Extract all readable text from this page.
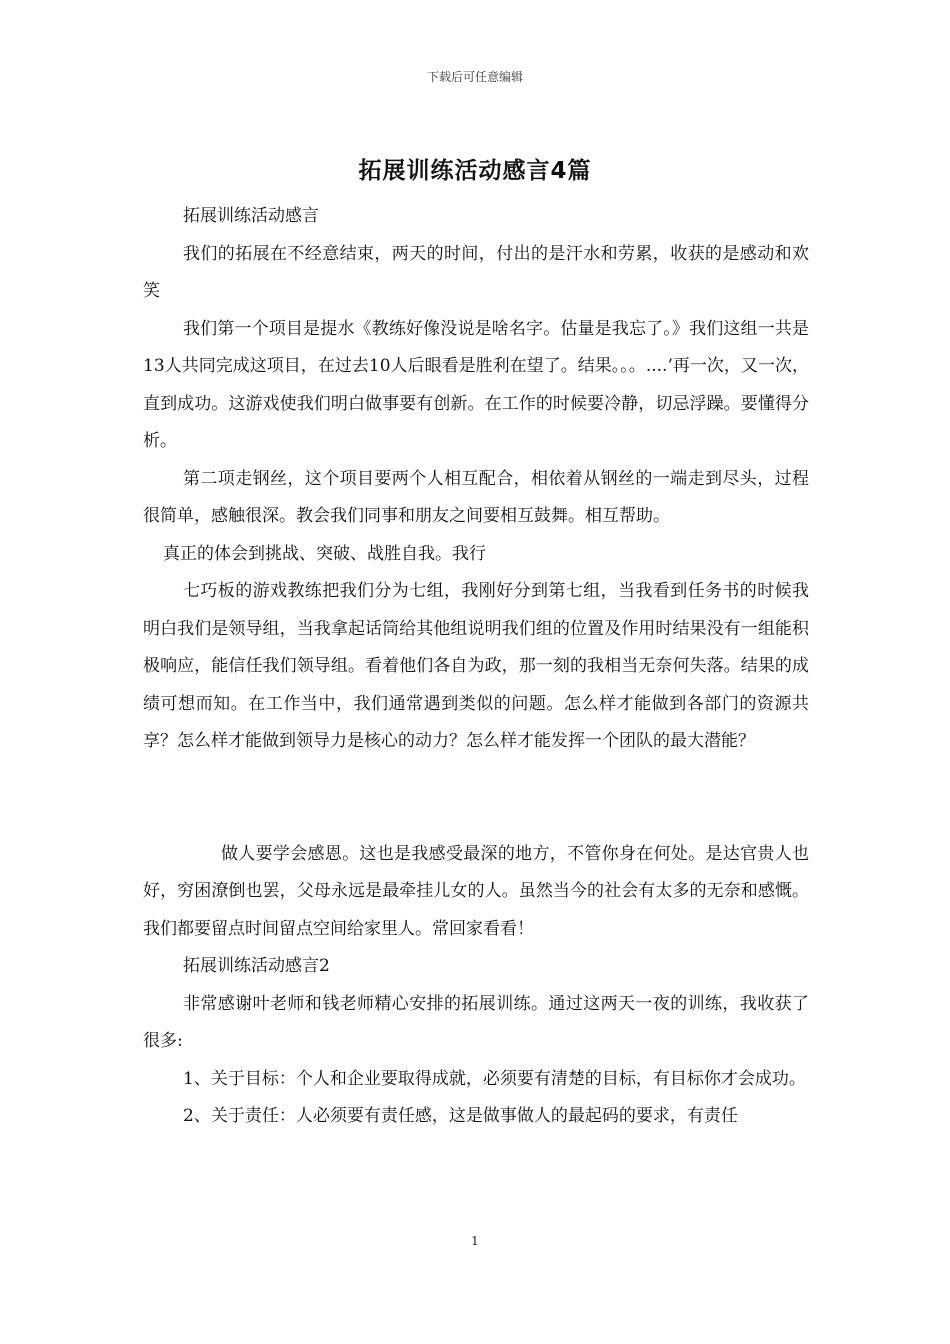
下载后可任意编辑
拓展训练活动感言4篇

拓展训练活动感言

我们的拓展在不经意结束，两天的时间，付出的是汗水和劳累，收获的是感动和欢笑

我们第一个项目是提水《教练好像没说是啥名字。估量是我忘了。》我们这组一共是13人共同完成这项目，在过去10人后眼看是胜利在望了。结果。。。....’再一次，又一次，直到成功。这游戏使我们明白做事要有创新。在工作的时候要冷静，切忌浮躁。要懂得分析。

第二项走钢丝，这个项目要两个人相互配合，相依着从钢丝的一端走到尽头，过程很简单，感触很深。教会我们同事和朋友之间要相互鼓舞。相互帮助。

真正的体会到挑战、突破、战胜自我。我行

七巧板的游戏教练把我们分为七组，我刚好分到第七组，当我看到任务书的时候我明白我们是领导组，当我拿起话筒给其他组说明我们组的位置及作用时结果没有一组能积极响应，能信任我们领导组。看着他们各自为政，那一刻的我相当无奈何失落。结果的成绩可想而知。在工作当中，我们通常遇到类似的问题。怎么样才能做到各部门的资源共享？怎么样才能做到领导力是核心的动力？怎么样才能发挥一个团队的最大潜能？

做人要学会感恩。这也是我感受最深的地方，不管你身在何处。是达官贵人也好，穷困潦倒也罢，父母永远是最牵挂儿女的人。虽然当今的社会有太多的无奈和感慨。我们都要留点时间留点空间给家里人。常回家看看！

拓展训练活动感言2

非常感谢叶老师和钱老师精心安排的拓展训练。通过这两天一夜的训练，我收获了很多:

1、关于目标：个人和企业要取得成就，必须要有清楚的目标，有目标你才会成功。

2、关于责任：人必须要有责任感，这是做事做人的最起码的要求，有责任

1
